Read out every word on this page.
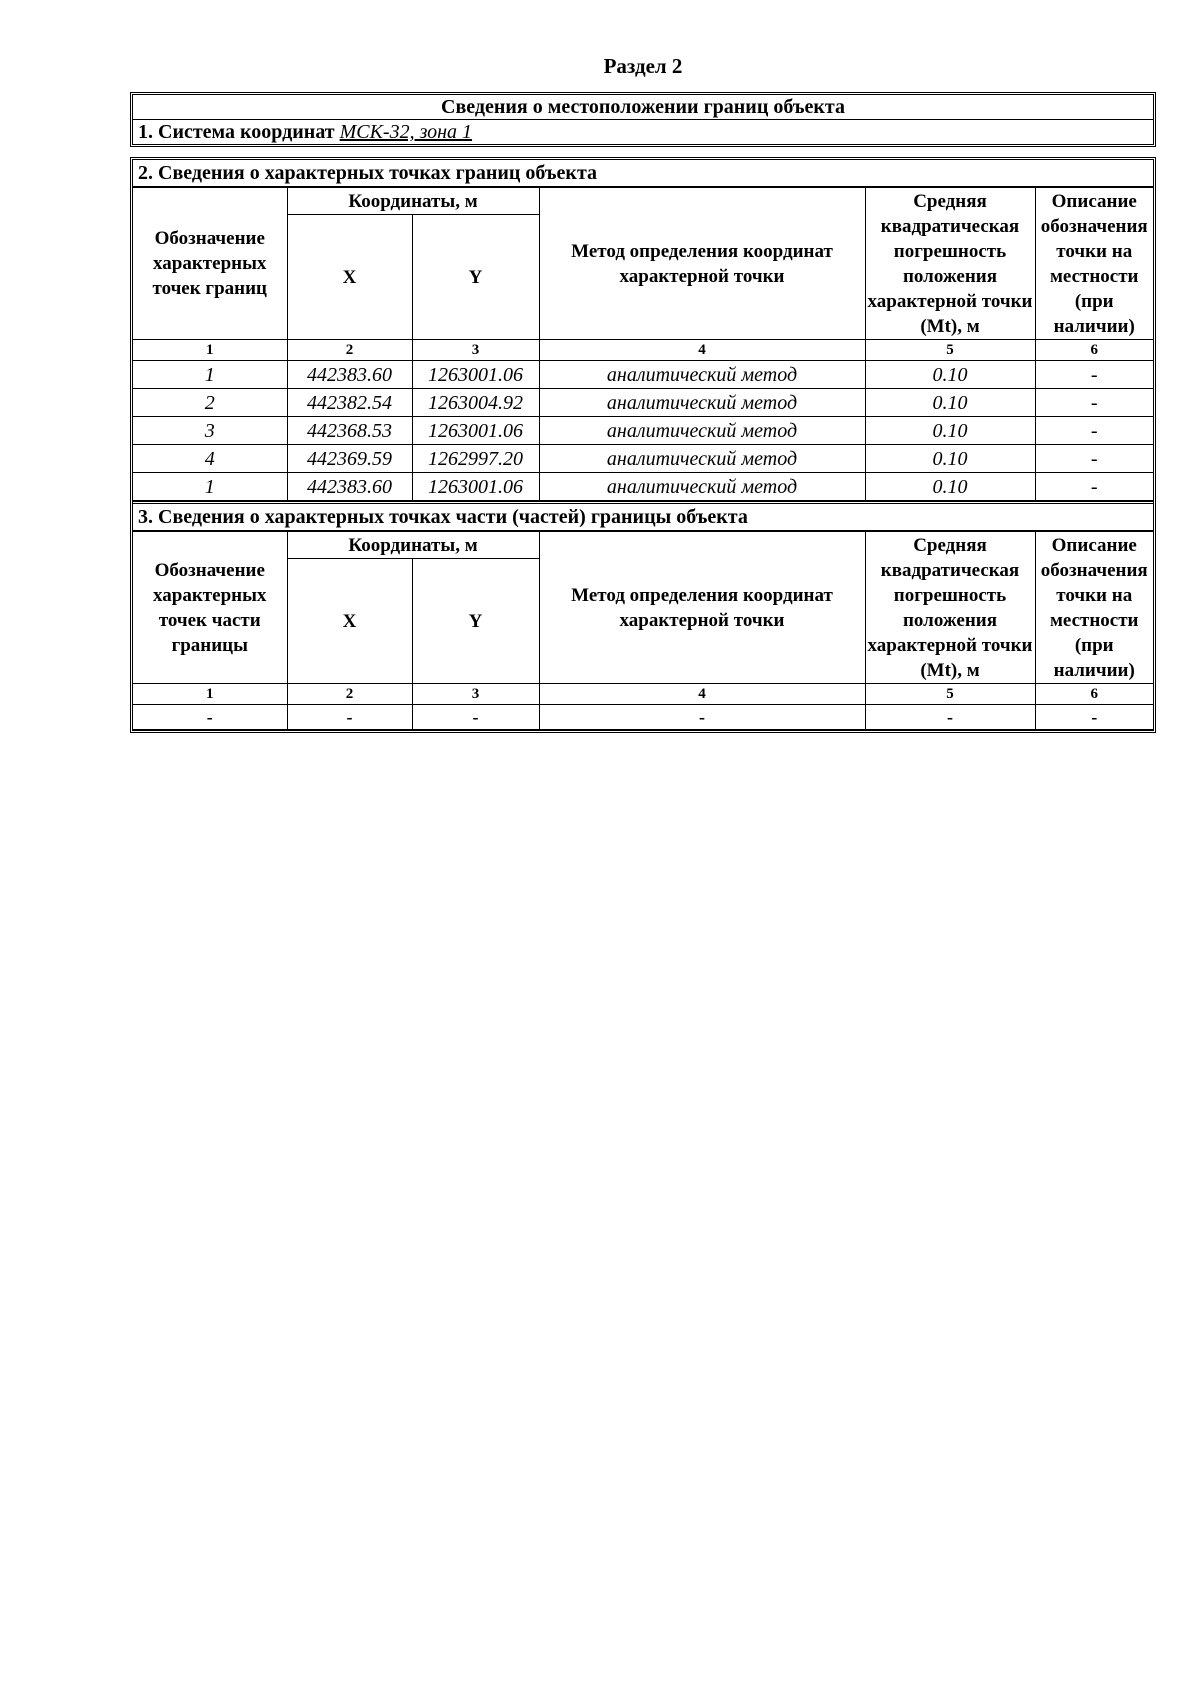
Раздел 2
Сведения о местоположении границ объекта
1. Система координат МСК-32, зона 1
2. Сведения о характерных точках границ объекта
Обозначение характерных точек границ	Координаты, м		Метод определения координат характерной точки	Средняя квадратическая погрешность положения характерной точки (Mt), м	Описание обозначения точки на местности (при наличии)
	X	Y			
1	2	3	4	5	6
1	442383.60	1263001.06	аналитический метод	0.10	-
2	442382.54	1263004.92	аналитический метод	0.10	-
3	442368.53	1263001.06	аналитический метод	0.10	-
4	442369.59	1262997.20	аналитический метод	0.10	-
1	442383.60	1263001.06	аналитический метод	0.10	-
3. Сведения о характерных точках части (частей) границы объекта
Обозначение характерных точек части границы	Координаты, м		Метод определения координат характерной точки	Средняя квадратическая погрешность положения характерной точки (Mt), м	Описание обозначения точки на местности (при наличии)
	X	Y			
1	2	3	4	5	6
-	-	-	-	-	-
